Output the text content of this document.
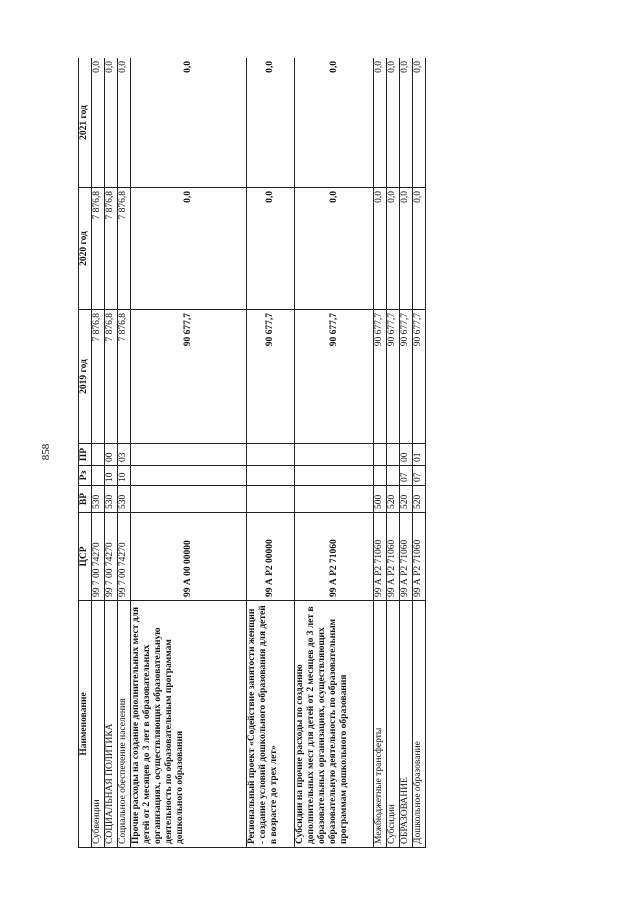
858
Наименование	ЦСР	ВР	Рз	ПР	2019 год	2020 год	2021 год
Субвенции	99 7 00 74270	530			7 876,8	7 876,8	0,0
СОЦИАЛЬНАЯ ПОЛИТИКА	99 7 00 74270	530	10	00	7 876,8	7 876,8	0,0
Социальное обеспечение населения	99 7 00 74270	530	10	03	7 876,8	7 876,8	0,0
Прочие расходы на создание дополнительных мест для детей от 2 месяцев до 3 лет в образовательных организациях, осуществляющих образовательную деятельность по образовательным программам дошкольного образования	99 А 00 00000				90 677,7	0,0	0,0
Региональный проект «Содействие занятости женщин - создание условий дошкольного образования для детей в возрасте до трех лет»	99 А Р2 00000				90 677,7	0,0	0,0
Субсидии на прочие расходы по созданию дополнительных мест для детей от 2 месяцев до 3 лет в образовательных организациях, осуществляющих образовательную деятельность по образовательным программам дошкольного образования	99 А Р2 71060				90 677,7	0,0	0,0
Межбюджетные трансферты	99 А Р2 71060	500			90 677,7	0,0	0,0
Субсидии	99 А Р2 71060	520			90 677,7	0,0	0,0
ОБРАЗОВАНИЕ	99 А Р2 71060	520	07	00	90 677,7	0,0	0,0
Дошкольное образование	99 А Р2 71060	520	07	01	90 677,7	0,0	0,0
